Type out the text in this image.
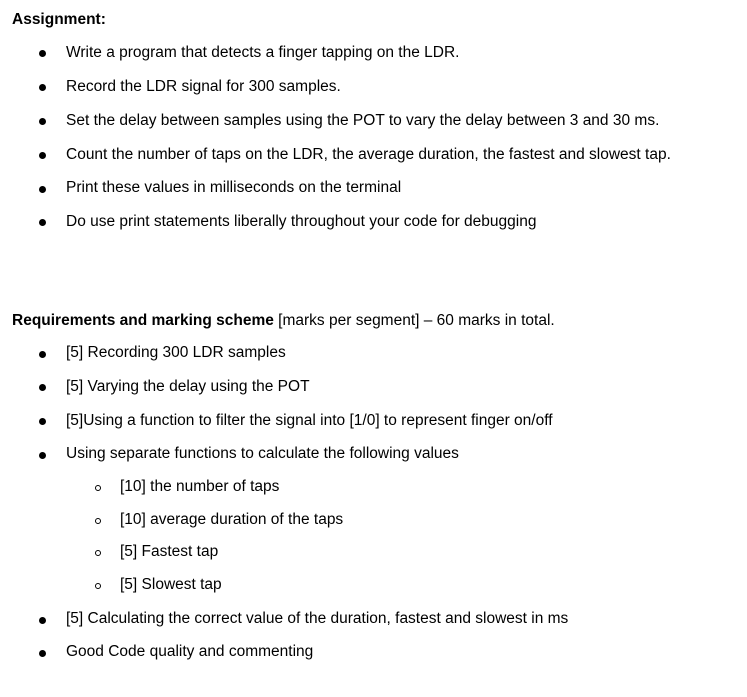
Assignment:
Write a program that detects a finger tapping on the LDR.
Record the LDR signal for 300 samples.
Set the delay between samples using the POT to vary the delay between 3 and 30 ms.
Count the number of taps on the LDR, the average duration, the fastest and slowest tap.
Print these values in milliseconds on the terminal
Do use print statements liberally throughout your code for debugging
Requirements and marking scheme [marks per segment] – 60 marks in total.
[5] Recording 300 LDR samples
[5] Varying the delay using the POT
[5]Using a function to filter the signal into [1/0] to represent finger on/off
Using separate functions to calculate the following values
[10] the number of taps
[10] average duration of the taps
[5] Fastest tap
[5] Slowest tap
[5] Calculating the correct value of the duration, fastest and slowest in ms
Good Code quality and commenting
